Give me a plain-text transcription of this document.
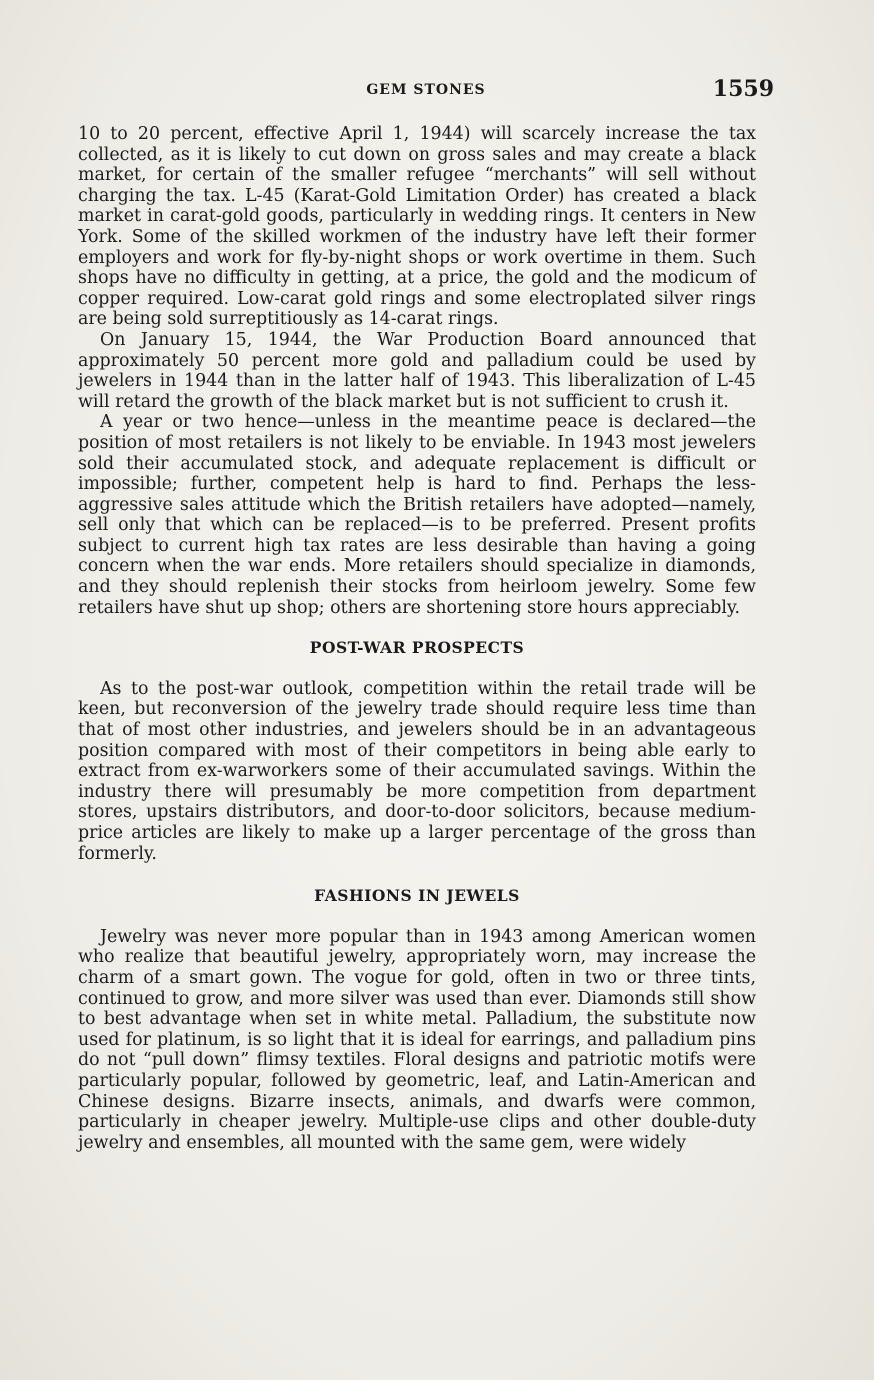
GEM STONES	1559

10 to 20 percent, effective April 1, 1944) will scarcely increase the tax collected, as it is likely to cut down on gross sales and may create a black market, for certain of the smaller refugee “merchants” will sell without charging the tax. L-45 (Karat-Gold Limitation Order) has created a black market in carat-gold goods, particularly in wedding rings. It centers in New York. Some of the skilled workmen of the industry have left their former employers and work for fly-by-night shops or work overtime in them. Such shops have no difficulty in getting, at a price, the gold and the modicum of copper required. Low-carat gold rings and some electroplated silver rings are being sold surreptitiously as 14-carat rings.

On January 15, 1944, the War Production Board announced that approximately 50 percent more gold and palladium could be used by jewelers in 1944 than in the latter half of 1943. This liberalization of L-45 will retard the growth of the black market but is not sufficient to crush it.

A year or two hence—unless in the meantime peace is declared—the position of most retailers is not likely to be enviable. In 1943 most jewelers sold their accumulated stock, and adequate replacement is difficult or impossible; further, competent help is hard to find. Perhaps the less-aggressive sales attitude which the British retailers have adopted—namely, sell only that which can be replaced—is to be preferred. Present profits subject to current high tax rates are less desirable than having a going concern when the war ends. More retailers should specialize in diamonds, and they should replenish their stocks from heirloom jewelry. Some few retailers have shut up shop; others are shortening store hours appreciably.

POST-WAR PROSPECTS

As to the post-war outlook, competition within the retail trade will be keen, but reconversion of the jewelry trade should require less time than that of most other industries, and jewelers should be in an advantageous position compared with most of their competitors in being able early to extract from ex-warworkers some of their accumulated savings. Within the industry there will presumably be more competition from department stores, upstairs distributors, and door-to-door solicitors, because medium-price articles are likely to make up a larger percentage of the gross than formerly.

FASHIONS IN JEWELS

Jewelry was never more popular than in 1943 among American women who realize that beautiful jewelry, appropriately worn, may increase the charm of a smart gown. The vogue for gold, often in two or three tints, continued to grow, and more silver was used than ever. Diamonds still show to best advantage when set in white metal. Palladium, the substitute now used for platinum, is so light that it is ideal for earrings, and palladium pins do not “pull down” flimsy textiles. Floral designs and patriotic motifs were particularly popular, followed by geometric, leaf, and Latin-American and Chinese designs. Bizarre insects, animals, and dwarfs were common, particularly in cheaper jewelry. Multiple-use clips and other double-duty jewelry and ensembles, all mounted with the same gem, were widely
